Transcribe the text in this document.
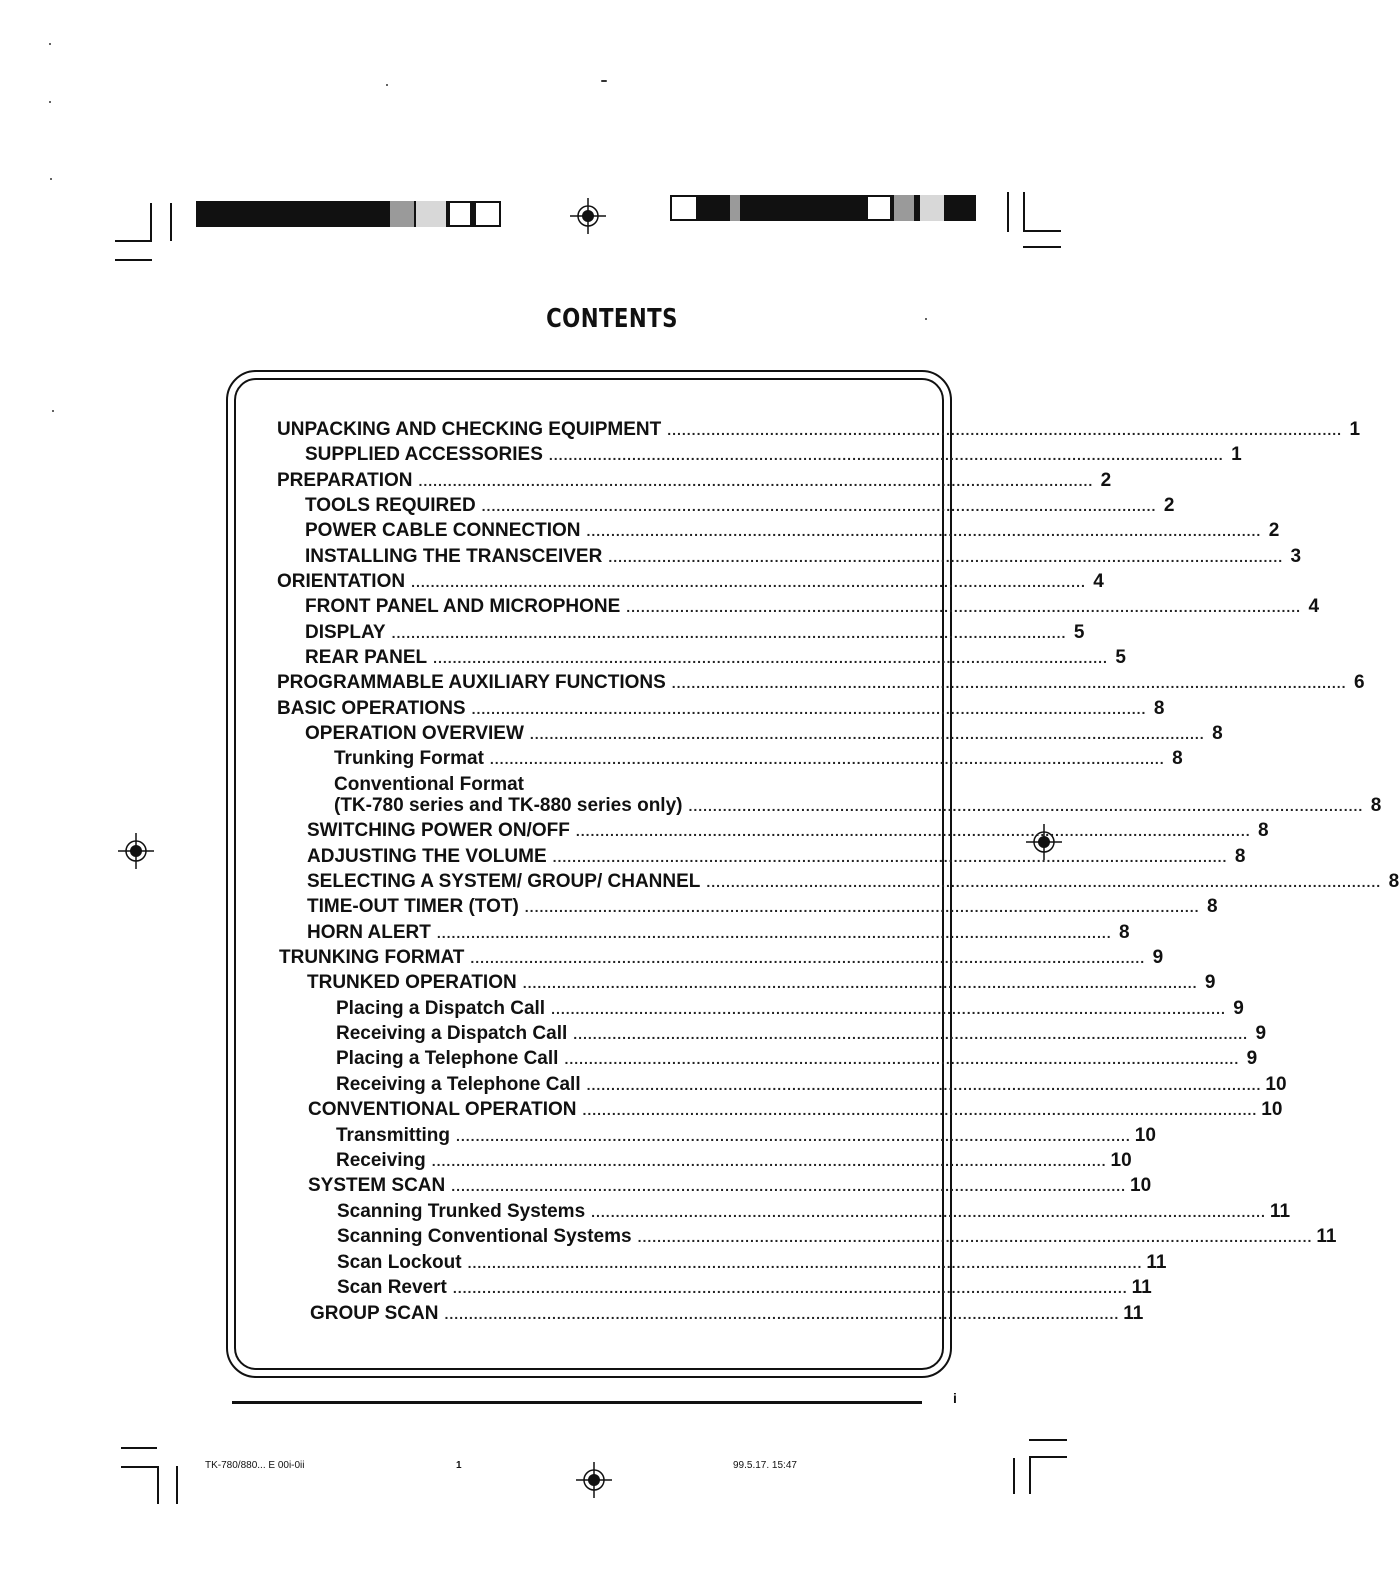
CONTENTS
UNPACKING AND CHECKING EQUIPMENT .......................................................................................................................................... 1
SUPPLIED ACCESSORIES .......................................................................................................................................... 1
PREPARATION .......................................................................................................................................... 2
TOOLS REQUIRED .......................................................................................................................................... 2
POWER CABLE CONNECTION .......................................................................................................................................... 2
INSTALLING THE TRANSCEIVER .......................................................................................................................................... 3
ORIENTATION .......................................................................................................................................... 4
FRONT PANEL AND MICROPHONE .......................................................................................................................................... 4
DISPLAY .......................................................................................................................................... 5
REAR PANEL .......................................................................................................................................... 5
PROGRAMMABLE AUXILIARY FUNCTIONS .......................................................................................................................................... 6
BASIC OPERATIONS .......................................................................................................................................... 8
OPERATION OVERVIEW .......................................................................................................................................... 8
Trunking Format .......................................................................................................................................... 8
Conventional Format
(TK-780 series and TK-880 series only) .......................................................................................................................................... 8
SWITCHING POWER ON/OFF .......................................................................................................................................... 8
ADJUSTING THE VOLUME .......................................................................................................................................... 8
SELECTING A SYSTEM/ GROUP/ CHANNEL .......................................................................................................................................... 8
TIME-OUT TIMER (TOT) .......................................................................................................................................... 8
HORN ALERT .......................................................................................................................................... 8
TRUNKING FORMAT .......................................................................................................................................... 9
TRUNKED OPERATION .......................................................................................................................................... 9
Placing a Dispatch Call .......................................................................................................................................... 9
Receiving a Dispatch Call .......................................................................................................................................... 9
Placing a Telephone Call .......................................................................................................................................... 9
Receiving a Telephone Call .......................................................................................................................................... 10
CONVENTIONAL OPERATION .......................................................................................................................................... 10
Transmitting .......................................................................................................................................... 10
Receiving .......................................................................................................................................... 10
SYSTEM SCAN .......................................................................................................................................... 10
Scanning Trunked Systems .......................................................................................................................................... 11
Scanning Conventional Systems .......................................................................................................................................... 11
Scan Lockout .......................................................................................................................................... 11
Scan Revert .......................................................................................................................................... 11
GROUP SCAN .......................................................................................................................................... 11
i
TK-780/880... E 00i-0ii	1	99.5.17. 15:47
